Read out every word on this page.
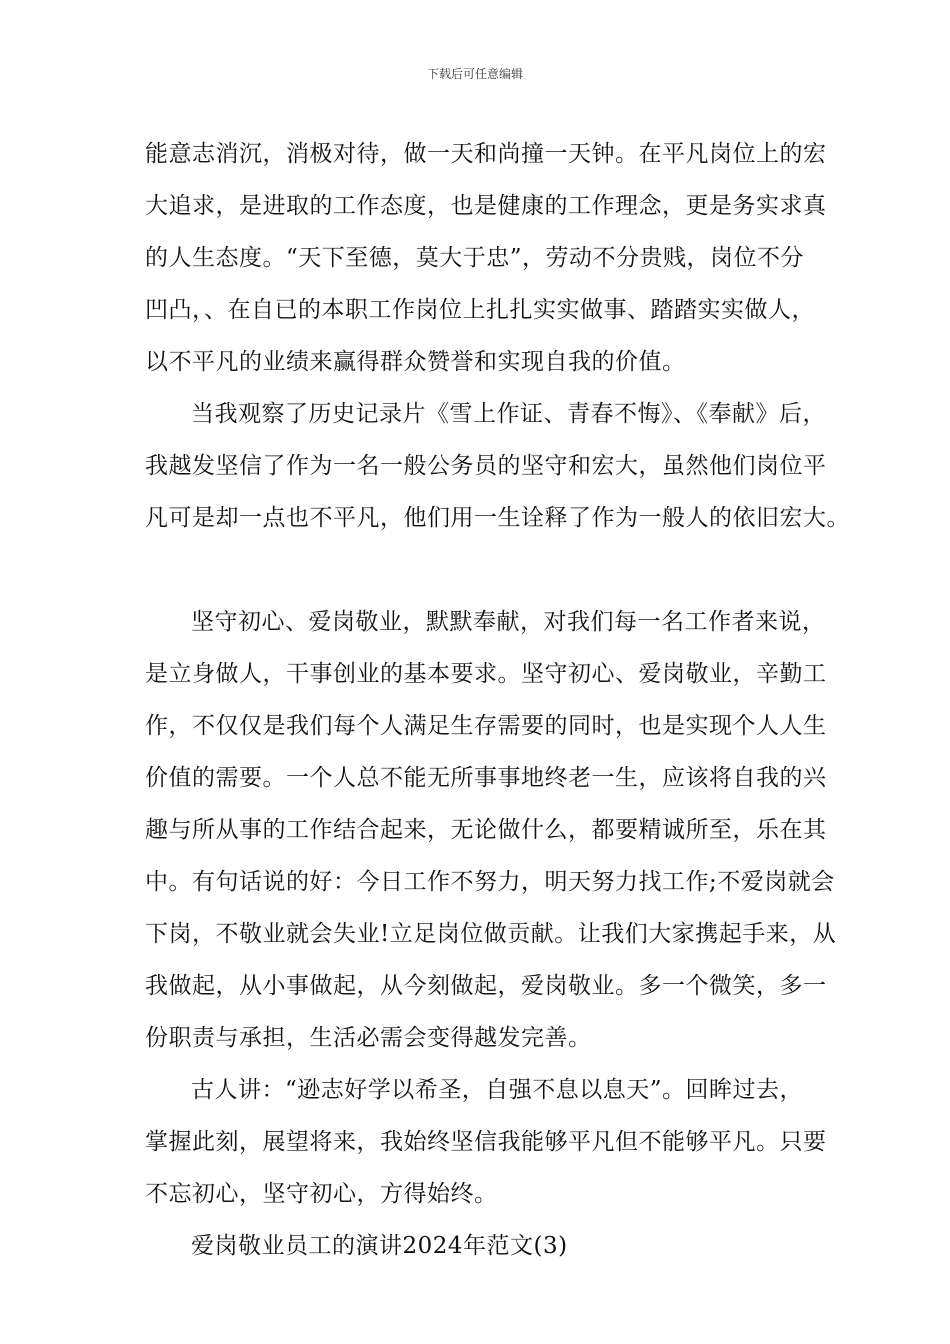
下载后可任意编辑
能意志消沉，消极对待，做一天和尚撞一天钟。在平凡岗位上的宏
大追求，是进取的工作态度，也是健康的工作理念，更是务实求真
的人生态度。“天下至德，莫大于忠”，劳动不分贵贱，岗位不分
凹凸，、在自已的本职工作岗位上扎扎实实做事、踏踏实实做人，
以不平凡的业绩来赢得群众赞誉和实现自我的价值。
当我观察了历史记录片《雪上作证、青春不悔》、《奉献》后，
我越发坚信了作为一名一般公务员的坚守和宏大，虽然他们岗位平
凡可是却一点也不平凡，他们用一生诠释了作为一般人的依旧宏大。
坚守初心、爱岗敬业，默默奉献，对我们每一名工作者来说，
是立身做人，干事创业的基本要求。坚守初心、爱岗敬业，辛勤工
作，不仅仅是我们每个人满足生存需要的同时，也是实现个人人生
价值的需要。一个人总不能无所事事地终老一生，应该将自我的兴
趣与所从事的工作结合起来，无论做什么，都要精诚所至，乐在其
中。有句话说的好：今日工作不努力，明天努力找工作;不爱岗就会
下岗，不敬业就会失业!立足岗位做贡献。让我们大家携起手来，从
我做起，从小事做起，从今刻做起，爱岗敬业。多一个微笑，多一
份职责与承担，生活必需会变得越发完善。
古人讲：“逊志好学以希圣，自强不息以息天”。回眸过去，
掌握此刻，展望将来，我始终坚信我能够平凡但不能够平凡。只要
不忘初心，坚守初心，方得始终。
爱岗敬业员工的演讲2024年范文(3)
